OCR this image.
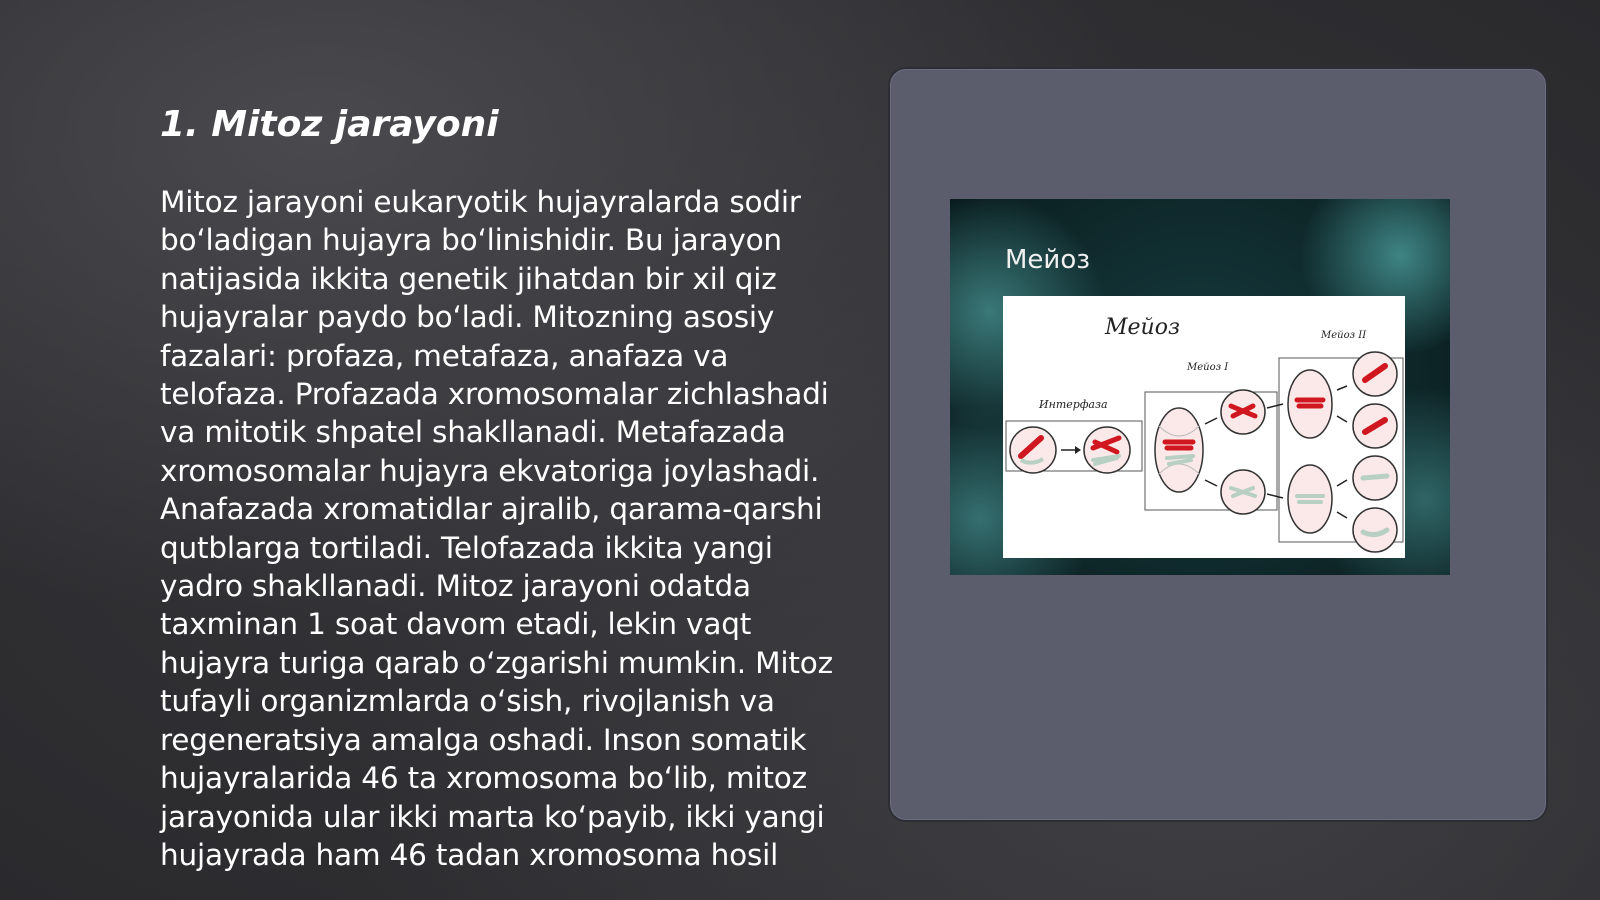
1. Mitoz jarayoni

Mitoz jarayoni eukaryotik hujayralarda sodir bo‘ladigan hujayra bo‘linishidir. Bu jarayon natijasida ikkita genetik jihatdan bir xil qiz hujayralar paydo bo‘ladi. Mitozning asosiy fazalari: profaza, metafaza, anafaza va telofaza. Profazada xromosomalar zichlashadi va mitotik shpatel shakllanadi. Metafazada xromosomalar hujayra ekvatoriga joylashadi. Anafazada xromatidlar ajralib, qarama-qarshi qutblarga tortiladi. Telofazada ikkita yangi yadro shakllanadi. Mitoz jarayoni odatda taxminan 1 soat davom etadi, lekin vaqt hujayra turiga qarab o‘zgarishi mumkin. Mitoz tufayli organizmlarda o‘sish, rivojlanish va regeneratsiya amalga oshadi. Inson somatik hujayralarida 46 ta xromosoma bo‘lib, mitoz jarayonida ular ikki marta ko‘payib, ikki yangi hujayrada ham 46 tadan xromosoma hosil

Мейоз
Мейоз
Интерфаза
Мейоз I
Мейоз II
